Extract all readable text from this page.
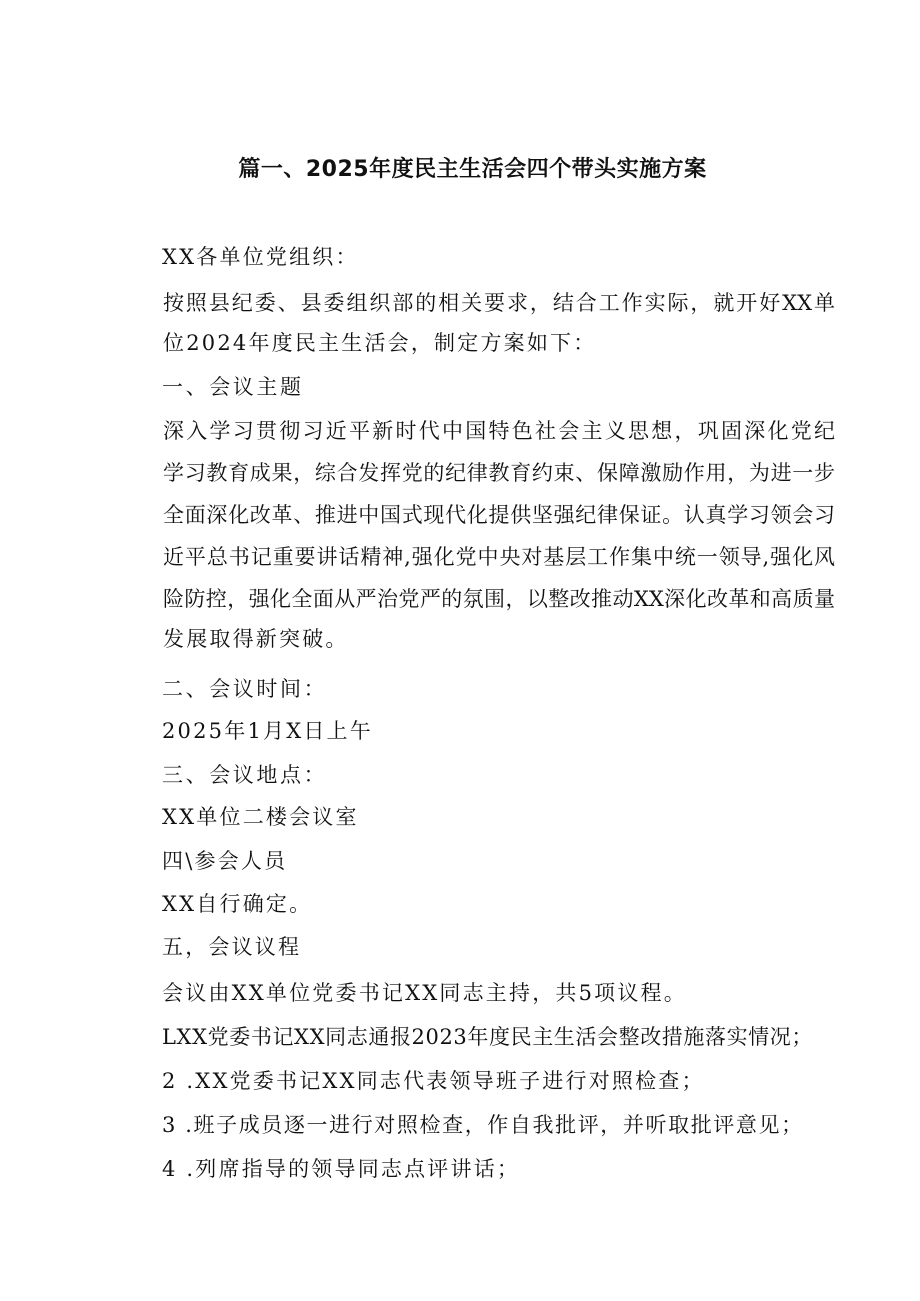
篇一、2025年度民主生活会四个带头实施方案
XX各单位党组织：
按照县纪委、县委组织部的相关要求，结合工作实际，就开好XX单
位2024年度民主生活会，制定方案如下：
一、会议主题
深入学习贯彻习近平新时代中国特色社会主义思想，巩固深化党纪
学习教育成果，综合发挥党的纪律教育约束、保障激励作用，为进一步
全面深化改革、推进中国式现代化提供坚强纪律保证。认真学习领会习
近平总书记重要讲话精神,强化党中央对基层工作集中统一领导,强化风
险防控，强化全面从严治党严的氛围，以整改推动XX深化改革和高质量
发展取得新突破。
二、会议时间：
2025年1月X日上午
三、会议地点：
XX单位二楼会议室
四\参会人员
XX自行确定。
五，会议议程
会议由XX单位党委书记XX同志主持，共5项议程。
LXX党委书记XX同志通报2023年度民主生活会整改措施落实情况；
2 .XX党委书记XX同志代表领导班子进行对照检查；
3 .班子成员逐一进行对照检查，作自我批评，并听取批评意见；
4 .列席指导的领导同志点评讲话；
